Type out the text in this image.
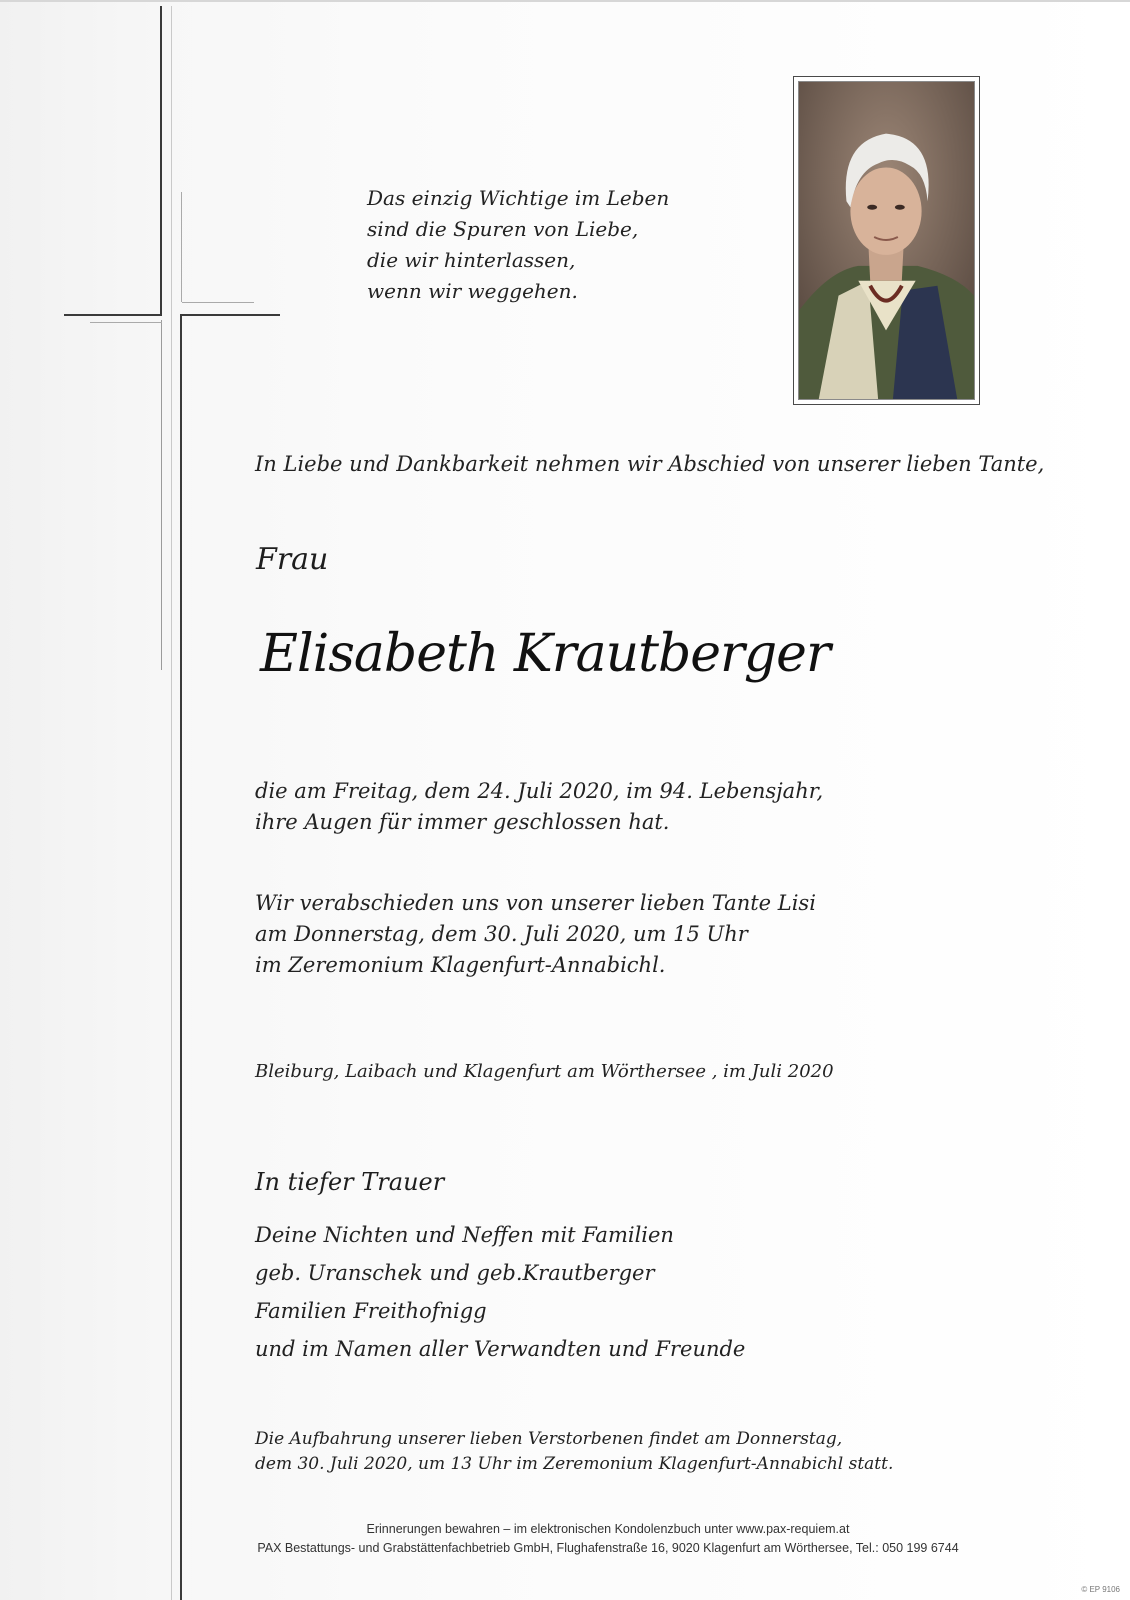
Das einzig Wichtige im Leben
sind die Spuren von Liebe,
die wir hinterlassen,
wenn wir weggehen.
In Liebe und Dankbarkeit nehmen wir Abschied von unserer lieben Tante,
Frau
Elisabeth Krautberger
die am Freitag, dem 24. Juli 2020, im 94. Lebensjahr,
ihre Augen für immer geschlossen hat.
Wir verabschieden uns von unserer lieben Tante Lisi
am Donnerstag, dem 30. Juli 2020, um 15 Uhr
im Zeremonium Klagenfurt-Annabichl.
Bleiburg, Laibach und Klagenfurt am Wörthersee , im Juli 2020
In tiefer Trauer
Deine Nichten und Neffen mit Familien
geb. Uranschek und geb.Krautberger
Familien Freithofnigg
und im Namen aller Verwandten und Freunde
Die Aufbahrung unserer lieben Verstorbenen findet am Donnerstag,
dem 30. Juli 2020, um 13 Uhr im Zeremonium Klagenfurt-Annabichl statt.
Erinnerungen bewahren – im elektronischen Kondolenzbuch unter www.pax-requiem.at
PAX Bestattungs- und Grabstättenfachbetrieb GmbH, Flughafenstraße 16, 9020 Klagenfurt am Wörthersee, Tel.: 050 199 6744
© EP 9106
